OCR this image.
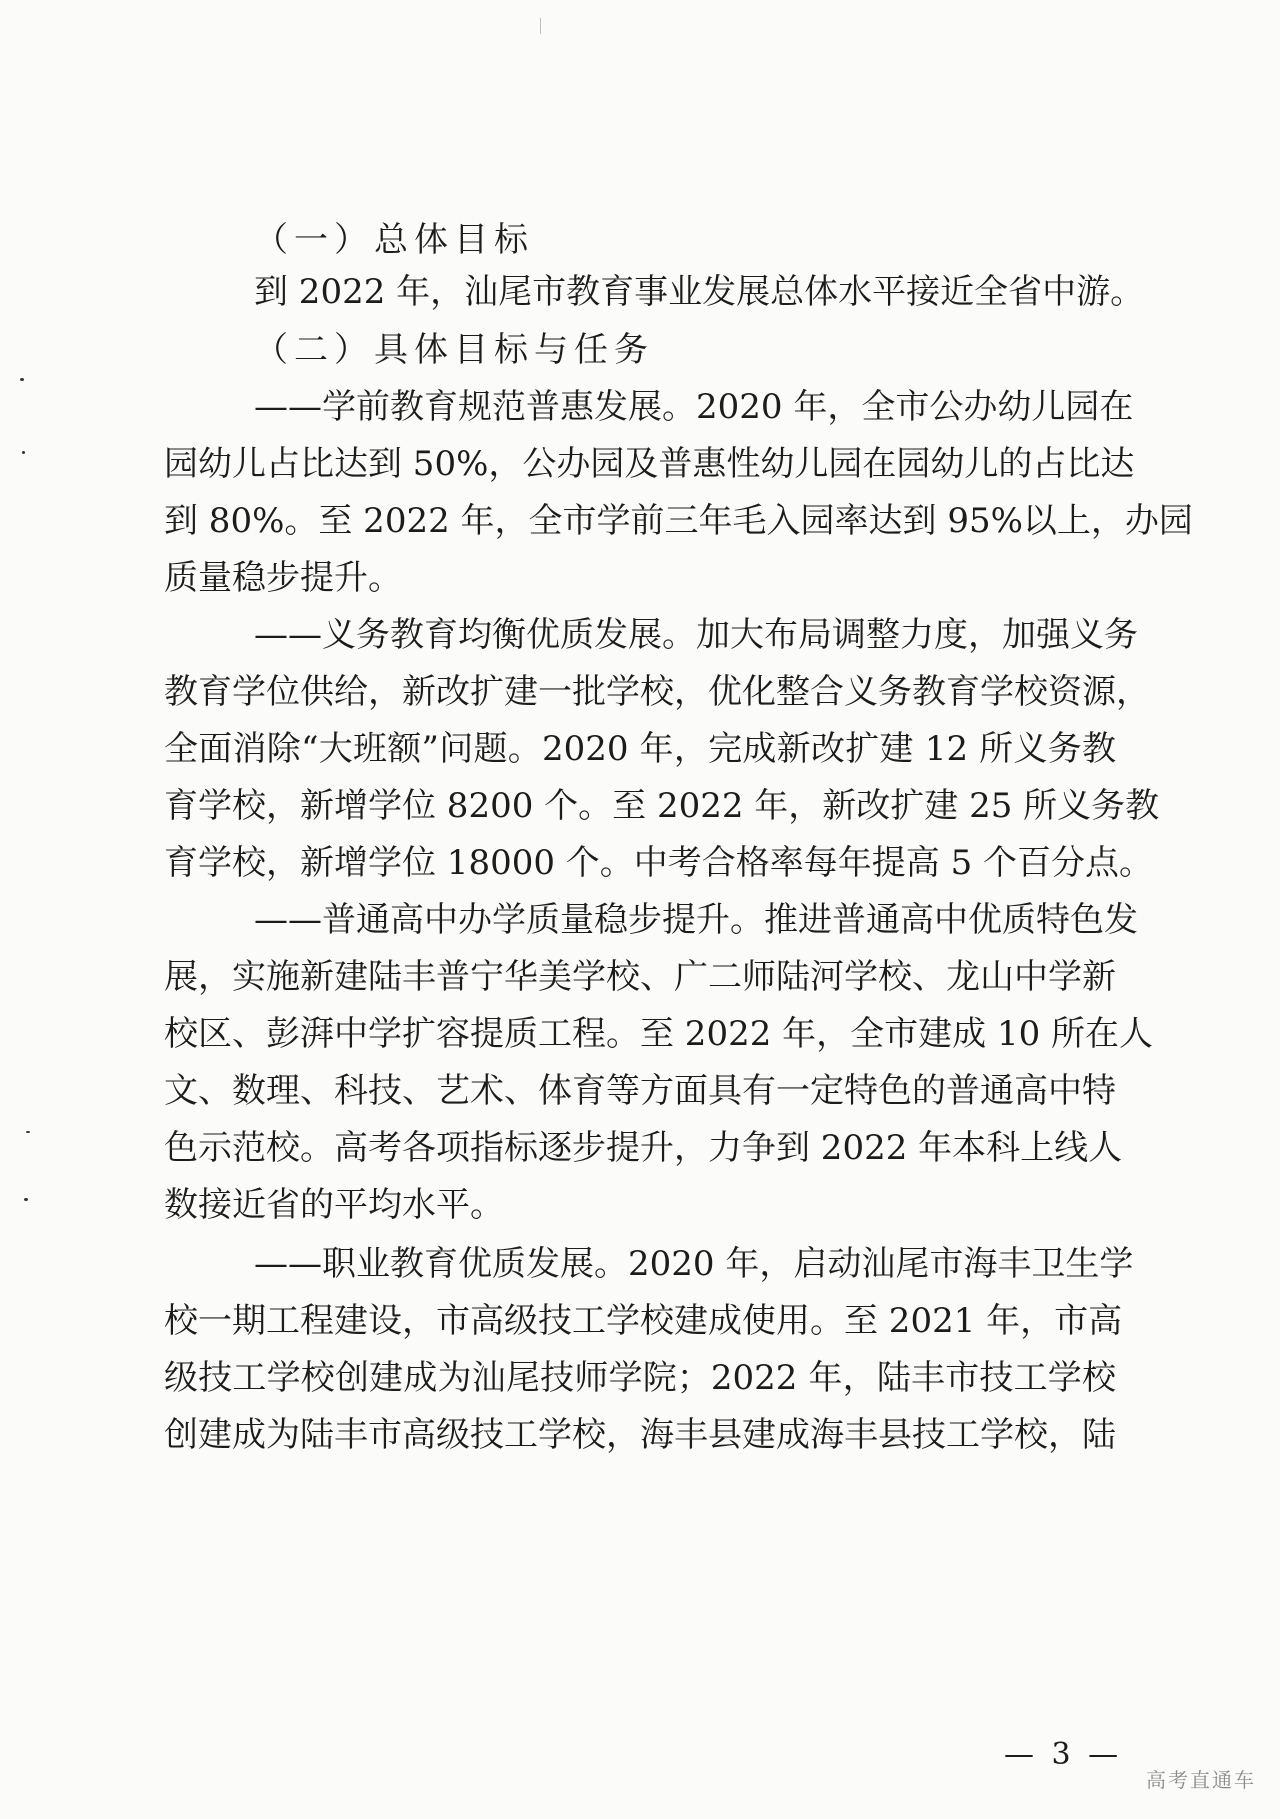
（一）总体目标
到 2022 年，汕尾市教育事业发展总体水平接近全省中游。
（二）具体目标与任务
——学前教育规范普惠发展。2020 年，全市公办幼儿园在
园幼儿占比达到 50%，公办园及普惠性幼儿园在园幼儿的占比达
到 80%。至 2022 年，全市学前三年毛入园率达到 95%以上，办园
质量稳步提升。
——义务教育均衡优质发展。加大布局调整力度，加强义务
教育学位供给，新改扩建一批学校，优化整合义务教育学校资源，
全面消除“大班额”问题。2020 年，完成新改扩建 12 所义务教
育学校，新增学位 8200 个。至 2022 年，新改扩建 25 所义务教
育学校，新增学位 18000 个。中考合格率每年提高 5 个百分点。
——普通高中办学质量稳步提升。推进普通高中优质特色发
展，实施新建陆丰普宁华美学校、广二师陆河学校、龙山中学新
校区、彭湃中学扩容提质工程。至 2022 年，全市建成 10 所在人
文、数理、科技、艺术、体育等方面具有一定特色的普通高中特
色示范校。高考各项指标逐步提升，力争到 2022 年本科上线人
数接近省的平均水平。
——职业教育优质发展。2020 年，启动汕尾市海丰卫生学
校一期工程建设，市高级技工学校建成使用。至 2021 年，市高
级技工学校创建成为汕尾技师学院；2022 年，陆丰市技工学校
创建成为陆丰市高级技工学校，海丰县建成海丰县技工学校，陆
— 3 —
高考直通车
